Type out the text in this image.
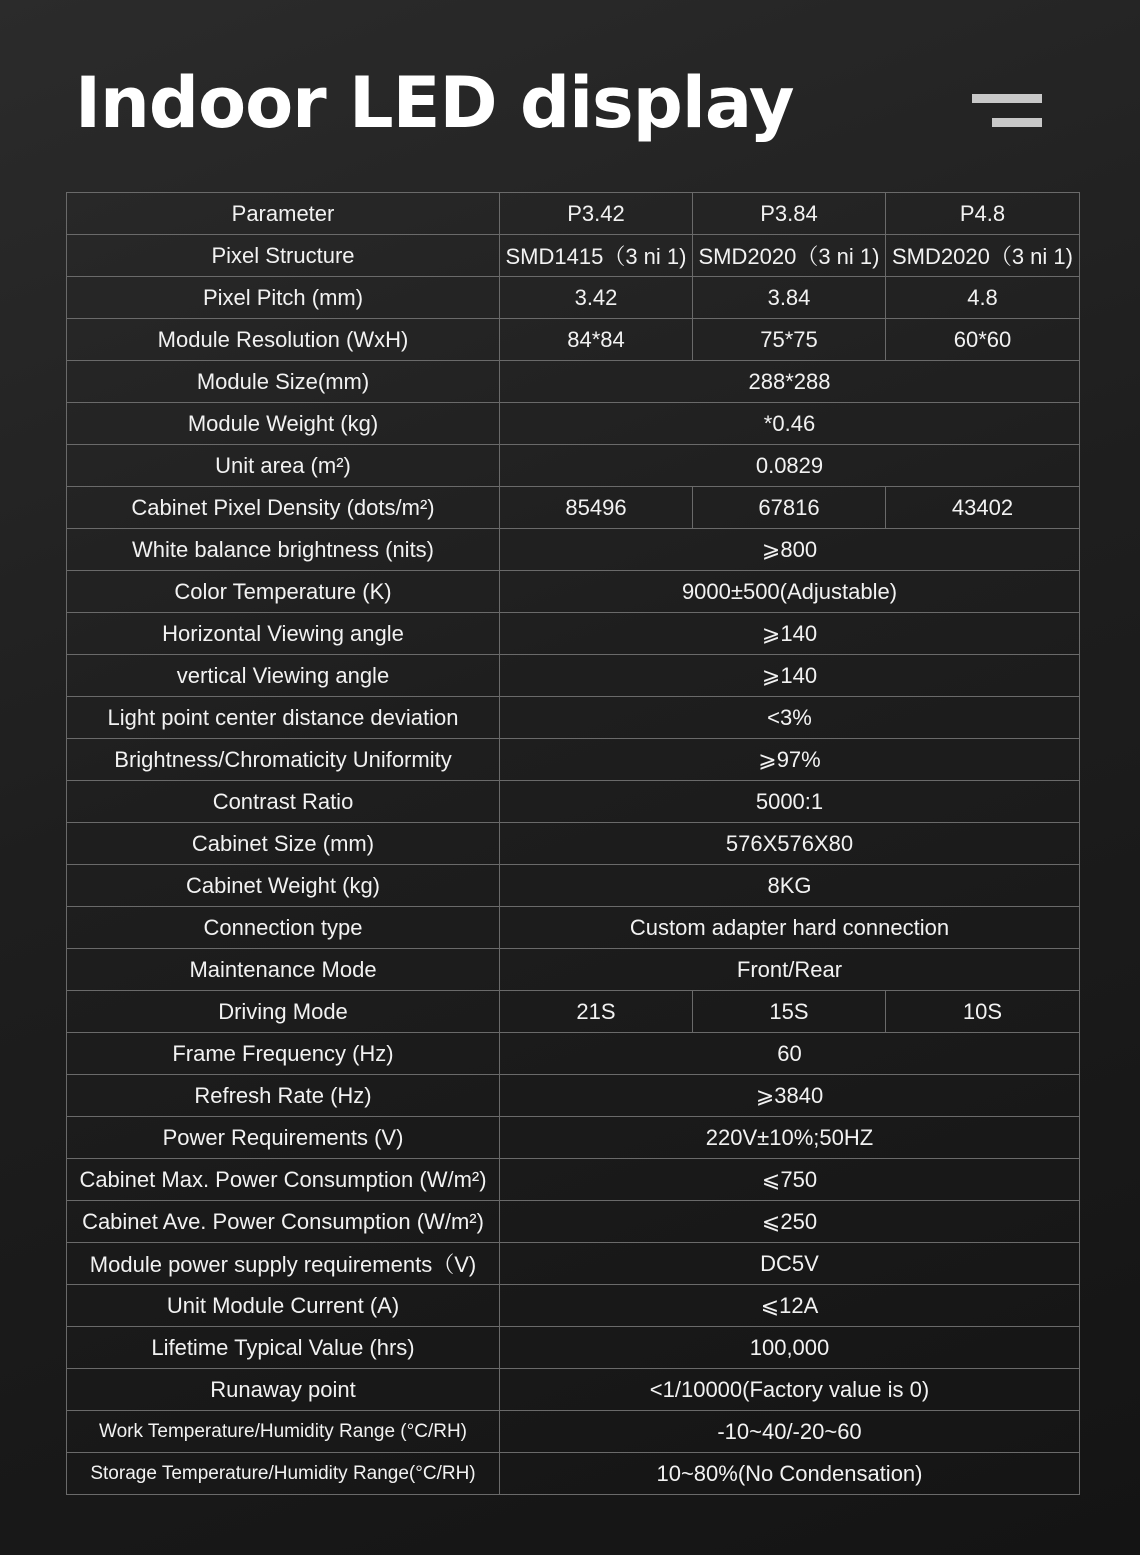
Indoor LED display
Parameter	P3.42	P3.84	P4.8
Pixel Structure	SMD1415（3 ni 1)	SMD2020（3 ni 1)	SMD2020（3 ni 1)
Pixel Pitch (mm)	3.42	3.84	4.8
Module Resolution (WxH)	84*84	75*75	60*60
Module Size(mm)	288*288		
Module Weight (kg)	*0.46		
Unit area (m²)	0.0829		
Cabinet Pixel Density (dots/m²)	85496	67816	43402
White balance brightness (nits)	⩾800		
Color Temperature (K)	9000±500(Adjustable)		
Horizontal Viewing angle	⩾140		
vertical Viewing angle	⩾140		
Light point center distance deviation	<3%		
Brightness/Chromaticity Uniformity	⩾97%		
Contrast Ratio	5000:1		
Cabinet Size (mm)	576X576X80		
Cabinet Weight (kg)	8KG		
Connection type	Custom adapter hard connection		
Maintenance Mode	Front/Rear		
Driving Mode	21S	15S	10S
Frame Frequency (Hz)	60		
Refresh Rate (Hz)	⩾3840		
Power Requirements (V)	220V±10%;50HZ		
Cabinet Max. Power Consumption (W/m²)	⩽750		
Cabinet Ave. Power Consumption (W/m²)	⩽250		
Module power supply requirements（V)	DC5V		
Unit Module Current (A)	⩽12A		
Lifetime Typical Value (hrs)	100,000		
Runaway point	<1/10000(Factory value is 0)		
Work Temperature/Humidity Range (°C/RH)	-10~40/-20~60		
Storage Temperature/Humidity Range(°C/RH)	10~80%(No Condensation)		
